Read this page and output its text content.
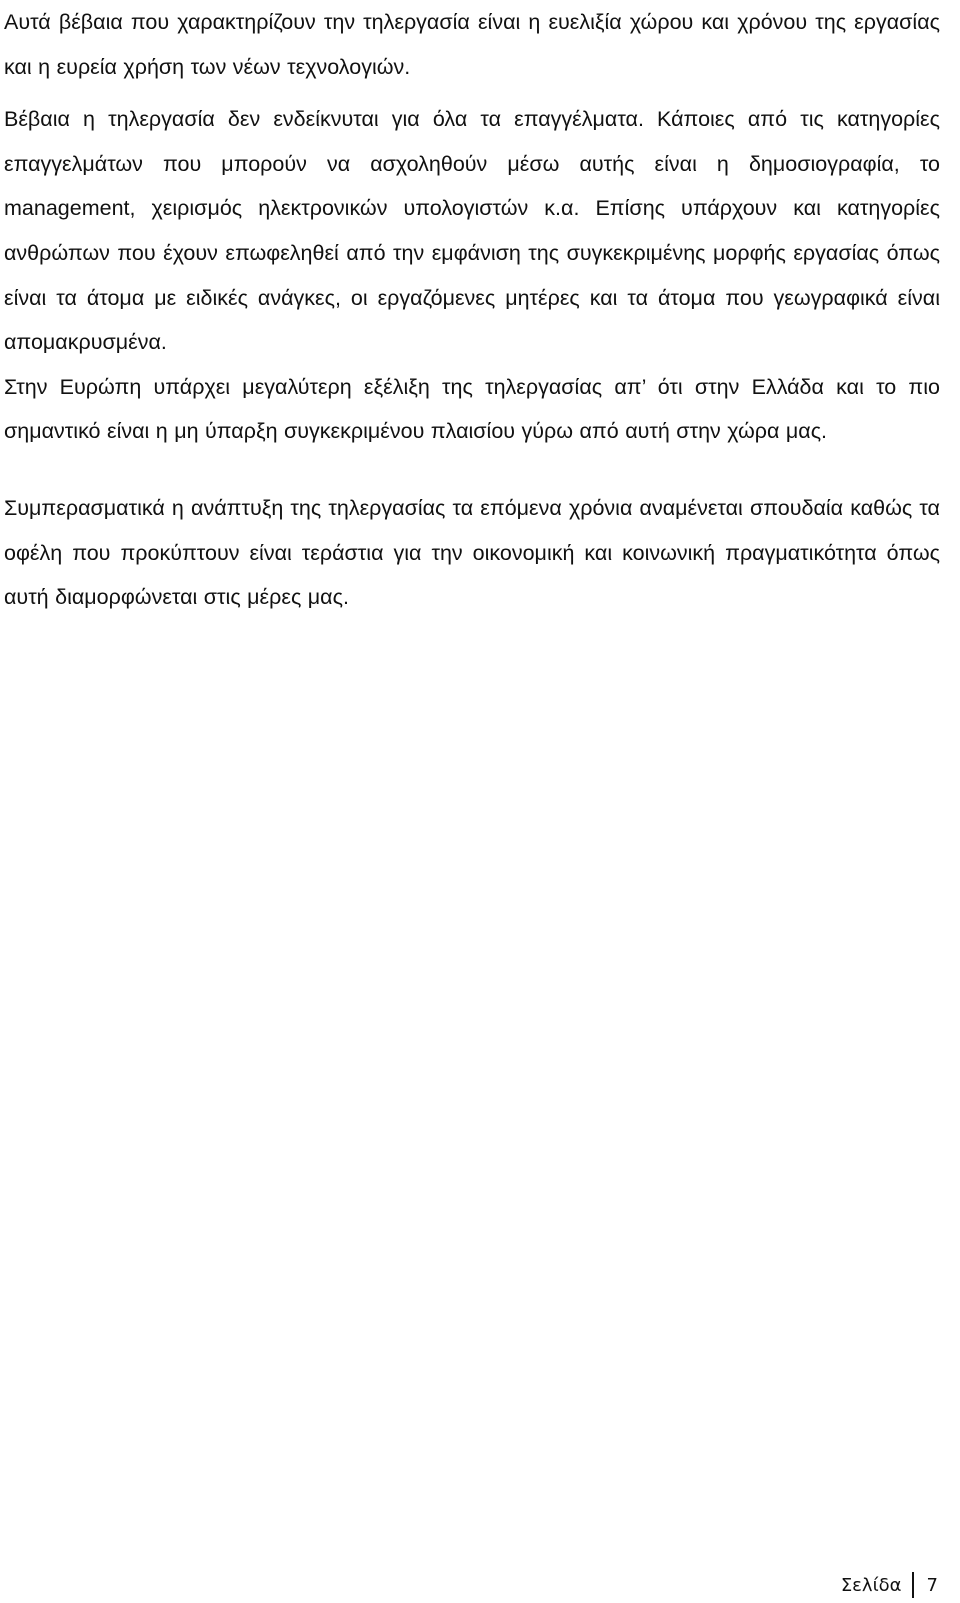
Αυτά βέβαια που χαρακτηρίζουν την τηλεργασία είναι η ευελιξία χώρου και χρόνου της εργασίας και η ευρεία χρήση των νέων τεχνολογιών.

Βέβαια η τηλεργασία δεν ενδείκνυται για όλα τα επαγγέλματα. Κάποιες από τις κατηγορίες επαγγελμάτων που μπορούν να ασχοληθούν μέσω αυτής είναι η δημοσιογραφία, το management, χειρισμός ηλεκτρονικών υπολογιστών κ.α. Επίσης υπάρχουν και κατηγορίες ανθρώπων που έχουν επωφεληθεί από την εμφάνιση της συγκεκριμένης μορφής εργασίας όπως είναι τα άτομα με ειδικές ανάγκες, οι εργαζόμενες μητέρες και τα άτομα που γεωγραφικά είναι απομακρυσμένα.

Στην Ευρώπη υπάρχει μεγαλύτερη εξέλιξη της τηλεργασίας απ’ ότι στην Ελλάδα και το πιο σημαντικό είναι η μη ύπαρξη συγκεκριμένου πλαισίου γύρω από αυτή στην χώρα μας.

Συμπερασματικά η ανάπτυξη της τηλεργασίας τα επόμενα χρόνια αναμένεται σπουδαία καθώς τα οφέλη που προκύπτουν είναι τεράστια για την οικονομική και κοινωνική πραγματικότητα όπως αυτή διαμορφώνεται στις μέρες μας.

Σελίδα 7
